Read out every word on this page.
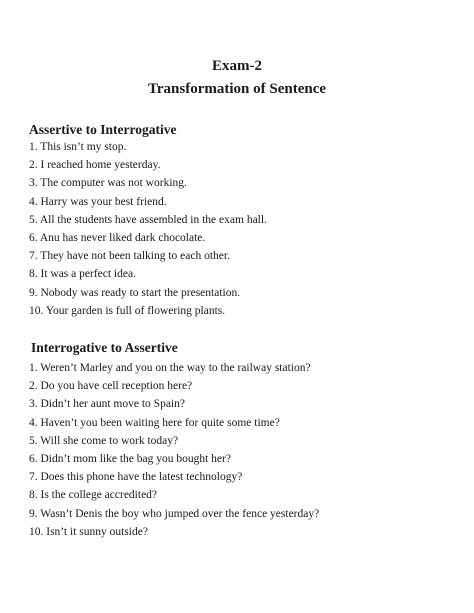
Exam-2
Transformation of Sentence
Assertive to Interrogative
1. This isn’t my stop.
2. I reached home yesterday.
3. The computer was not working.
4. Harry was your best friend.
5. All the students have assembled in the exam hall.
6. Anu has never liked dark chocolate.
7. They have not been talking to each other.
8. It was a perfect idea.
9. Nobody was ready to start the presentation.
10. Your garden is full of flowering plants.
Interrogative to Assertive
1. Weren’t Marley and you on the way to the railway station?
2. Do you have cell reception here?
3. Didn’t her aunt move to Spain?
4. Haven’t you been waiting here for quite some time?
5. Will she come to work today?
6. Didn’t mom like the bag you bought her?
7. Does this phone have the latest technology?
8. Is the college accredited?
9. Wasn’t Denis the boy who jumped over the fence yesterday?
10. Isn’t it sunny outside?
